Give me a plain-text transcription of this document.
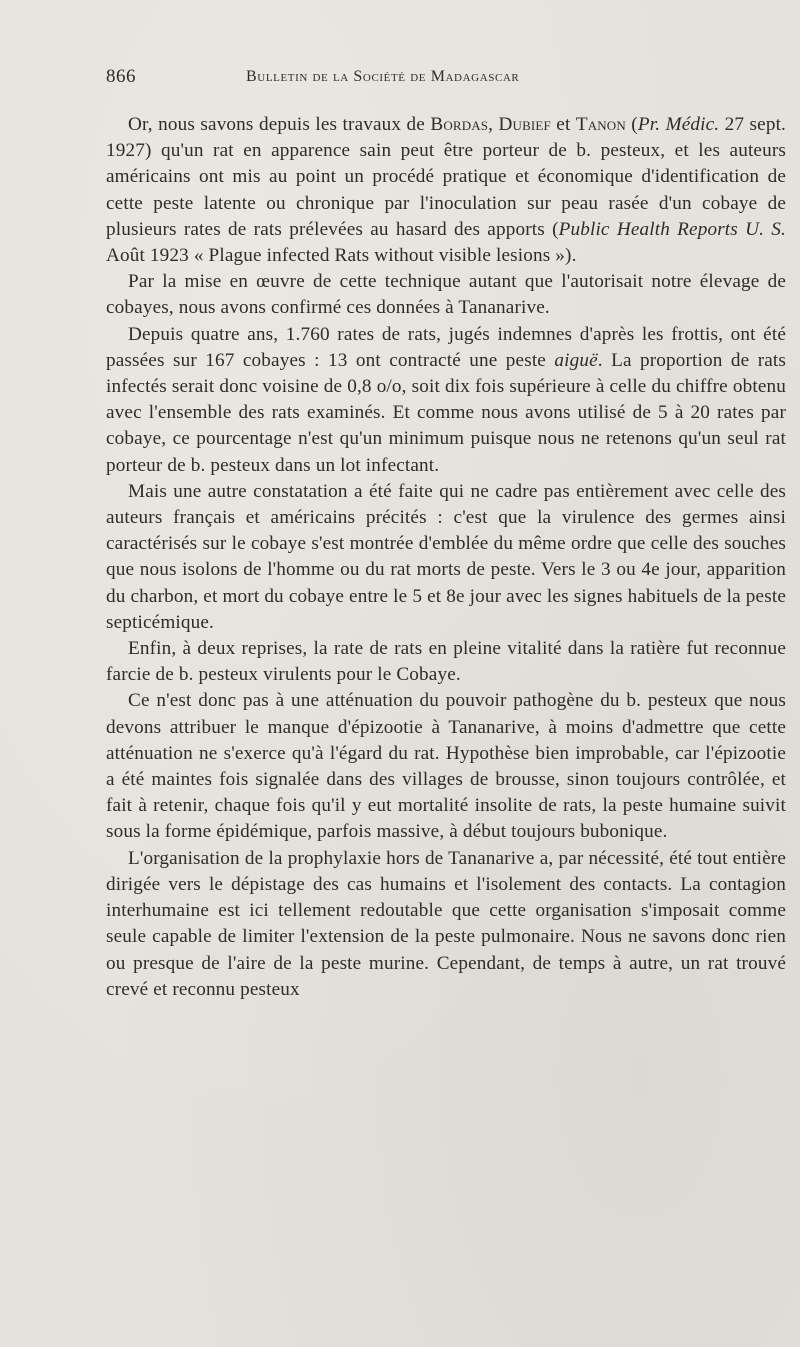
866	Bulletin de la Société de Madagascar

Or, nous savons depuis les travaux de Bordas, Dubief et Tanon (Pr. Médic. 27 sept. 1927) qu'un rat en apparence sain peut être porteur de b. pesteux, et les auteurs américains ont mis au point un procédé pratique et économique d'identification de cette peste latente ou chronique par l'inoculation sur peau rasée d'un cobaye de plusieurs rates de rats prélevées au hasard des apports (Public Health Reports U. S. Août 1923 « Plague infected Rats without visible lesions »).

Par la mise en œuvre de cette technique autant que l'autorisait notre élevage de cobayes, nous avons confirmé ces données à Tananarive.

Depuis quatre ans, 1.760 rates de rats, jugés indemnes d'après les frottis, ont été passées sur 167 cobayes : 13 ont contracté une peste aiguë. La proportion de rats infectés serait donc voisine de 0,8 o/o, soit dix fois supérieure à celle du chiffre obtenu avec l'ensemble des rats examinés. Et comme nous avons utilisé de 5 à 20 rates par cobaye, ce pourcentage n'est qu'un minimum puisque nous ne retenons qu'un seul rat porteur de b. pesteux dans un lot infectant.

Mais une autre constatation a été faite qui ne cadre pas entièrement avec celle des auteurs français et américains précités : c'est que la virulence des germes ainsi caractérisés sur le cobaye s'est montrée d'emblée du même ordre que celle des souches que nous isolons de l'homme ou du rat morts de peste. Vers le 3 ou 4e jour, apparition du charbon, et mort du cobaye entre le 5 et 8e jour avec les signes habituels de la peste septicémique.

Enfin, à deux reprises, la rate de rats en pleine vitalité dans la ratière fut reconnue farcie de b. pesteux virulents pour le Cobaye.

Ce n'est donc pas à une atténuation du pouvoir pathogène du b. pesteux que nous devons attribuer le manque d'épizootie à Tananarive, à moins d'admettre que cette atténuation ne s'exerce qu'à l'égard du rat. Hypothèse bien improbable, car l'épizootie a été maintes fois signalée dans des villages de brousse, sinon toujours contrôlée, et fait à retenir, chaque fois qu'il y eut mortalité insolite de rats, la peste humaine suivit sous la forme épidémique, parfois massive, à début toujours bubonique.

L'organisation de la prophylaxie hors de Tananarive a, par nécessité, été tout entière dirigée vers le dépistage des cas humains et l'isolement des contacts. La contagion interhumaine est ici tellement redoutable que cette organisation s'imposait comme seule capable de limiter l'extension de la peste pulmonaire. Nous ne savons donc rien ou presque de l'aire de la peste murine. Cependant, de temps à autre, un rat trouvé crevé et reconnu pesteux
